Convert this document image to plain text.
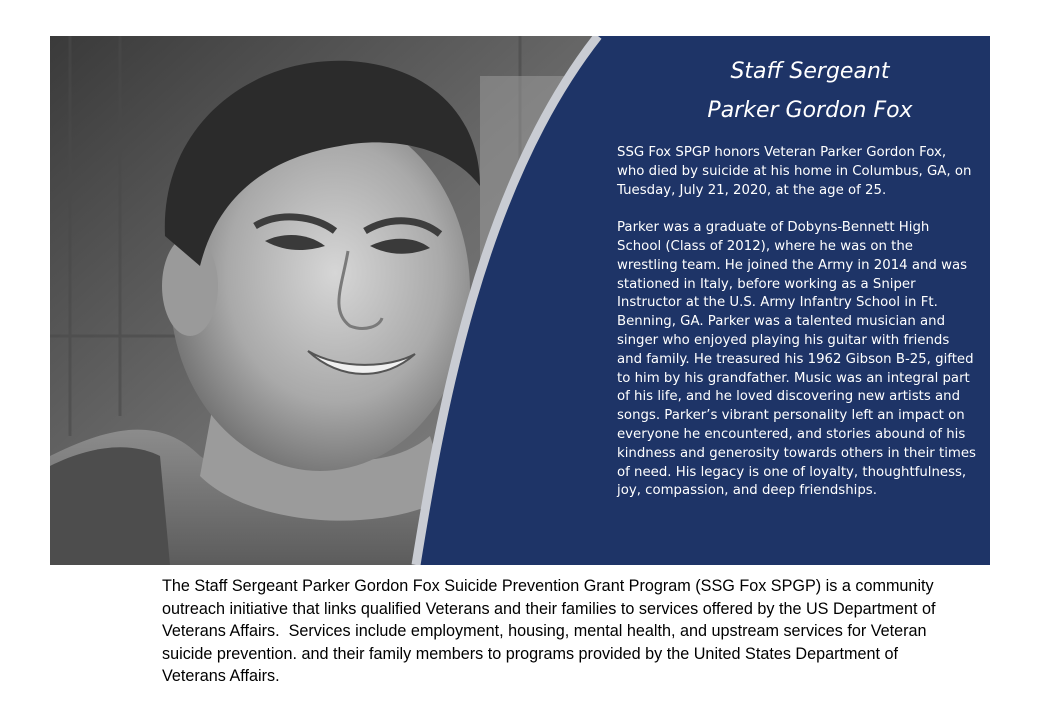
Staff Sergeant
Parker Gordon Fox

SSG Fox SPGP honors Veteran Parker Gordon Fox, who died by suicide at his home in Columbus, GA, on Tuesday, July 21, 2020, at the age of 25.

Parker was a graduate of Dobyns-Bennett High School (Class of 2012), where he was on the wrestling team. He joined the Army in 2014 and was stationed in Italy, before working as a Sniper Instructor at the U.S. Army Infantry School in Ft. Benning, GA. Parker was a talented musician and singer who enjoyed playing his guitar with friends and family. He treasured his 1962 Gibson B-25, gifted to him by his grandfather. Music was an integral part of his life, and he loved discovering new artists and songs. Parker’s vibrant personality left an impact on everyone he encountered, and stories abound of his kindness and generosity towards others in their times of need. His legacy is one of loyalty, thoughtfulness, joy, compassion, and deep friendships.

The Staff Sergeant Parker Gordon Fox Suicide Prevention Grant Program (SSG Fox SPGP) is a community outreach initiative that links qualified Veterans and their families to services offered by the US Department of Veterans Affairs.  Services include employment, housing, mental health, and upstream services for Veteran suicide prevention. and their family members to programs provided by the United States Department of Veterans Affairs.
